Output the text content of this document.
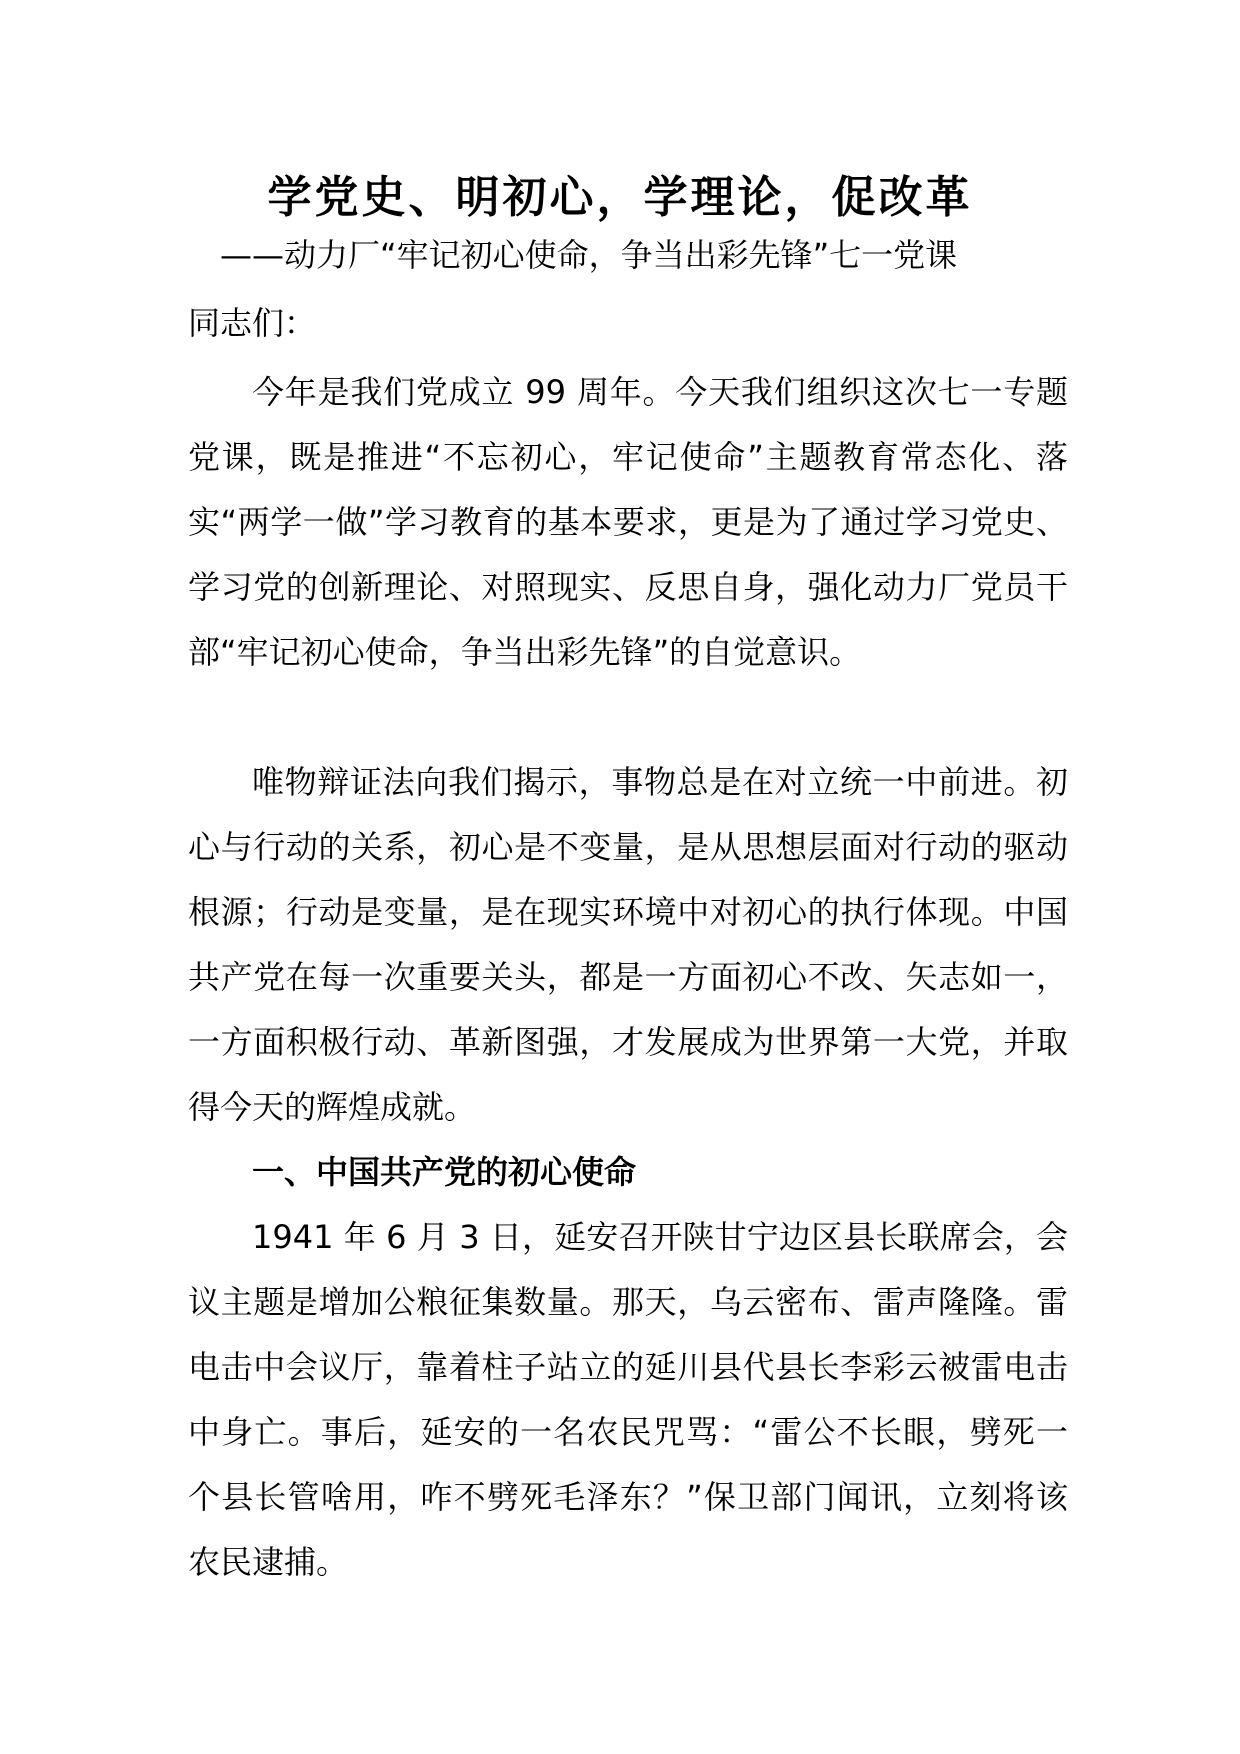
学党史、明初心，学理论，促改革
——动力厂“牢记初心使命，争当出彩先锋”七一党课
同志们：

今年是我们党成立 99 周年。今天我们组织这次七一专题党课，既是推进“不忘初心，牢记使命”主题教育常态化、落实“两学一做”学习教育的基本要求，更是为了通过学习党史、学习党的创新理论、对照现实、反思自身，强化动力厂党员干部“牢记初心使命，争当出彩先锋”的自觉意识。

唯物辩证法向我们揭示，事物总是在对立统一中前进。初心与行动的关系，初心是不变量，是从思想层面对行动的驱动根源；行动是变量，是在现实环境中对初心的执行体现。中国共产党在每一次重要关头，都是一方面初心不改、矢志如一，一方面积极行动、革新图强，才发展成为世界第一大党，并取得今天的辉煌成就。

一、中国共产党的初心使命

1941 年 6 月 3 日，延安召开陕甘宁边区县长联席会，会议主题是增加公粮征集数量。那天，乌云密布、雷声隆隆。雷电击中会议厅，靠着柱子站立的延川县代县长李彩云被雷电击中身亡。事后，延安的一名农民咒骂：“雷公不长眼，劈死一个县长管啥用，咋不劈死毛泽东？”保卫部门闻讯，立刻将该农民逮捕。
